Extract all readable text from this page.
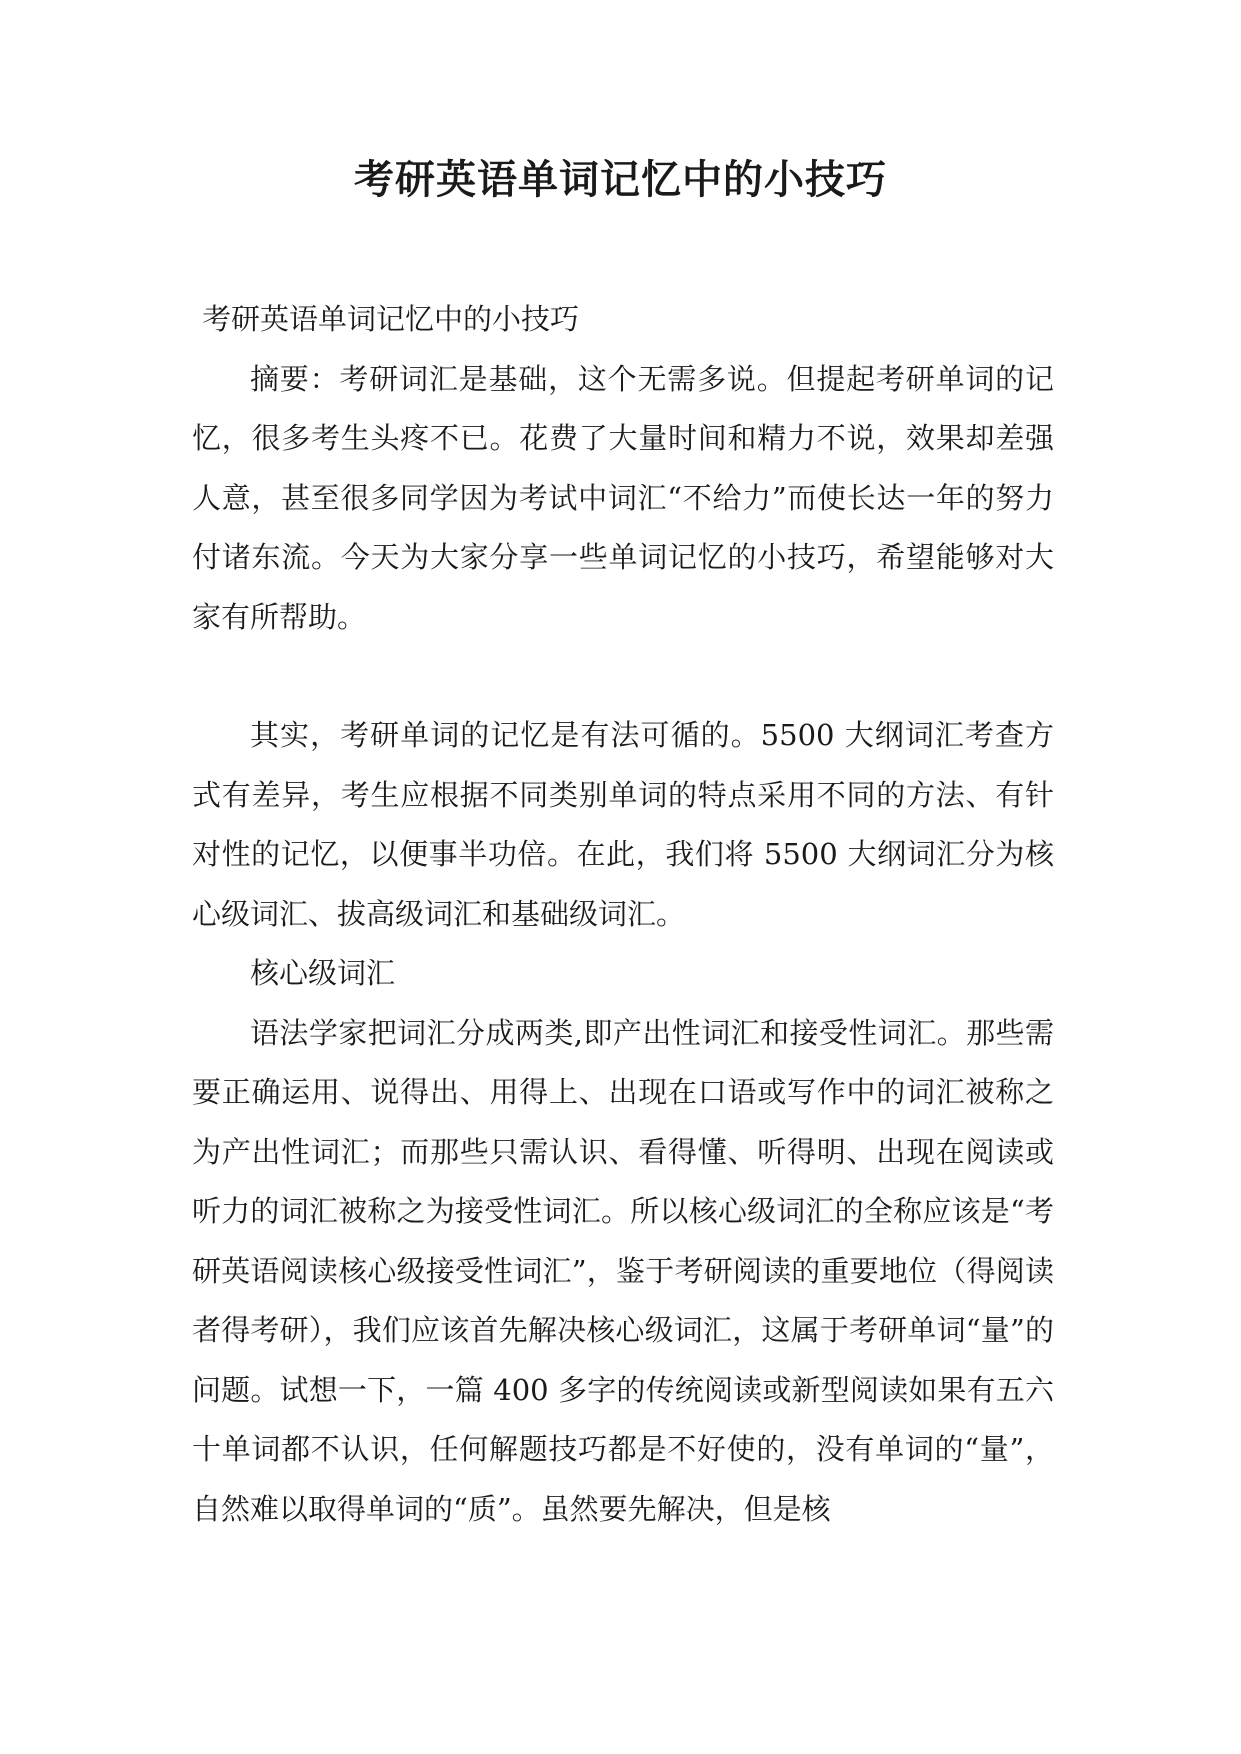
考研英语单词记忆中的小技巧

考研英语单词记忆中的小技巧

摘要：考研词汇是基础，这个无需多说。但提起考研单词的记忆，很多考生头疼不已。花费了大量时间和精力不说，效果却差强人意，甚至很多同学因为考试中词汇“不给力”而使长达一年的努力付诸东流。今天为大家分享一些单词记忆的小技巧，希望能够对大家有所帮助。

其实，考研单词的记忆是有法可循的。5500 大纲词汇考查方式有差异，考生应根据不同类别单词的特点采用不同的方法、有针对性的记忆，以便事半功倍。在此，我们将 5500 大纲词汇分为核心级词汇、拔高级词汇和基础级词汇。

核心级词汇

语法学家把词汇分成两类,即产出性词汇和接受性词汇。那些需要正确运用、说得出、用得上、出现在口语或写作中的词汇被称之为产出性词汇；而那些只需认识、看得懂、听得明、出现在阅读或听力的词汇被称之为接受性词汇。所以核心级词汇的全称应该是“考研英语阅读核心级接受性词汇”，鉴于考研阅读的重要地位（得阅读者得考研），我们应该首先解决核心级词汇，这属于考研单词“量”的问题。试想一下，一篇 400 多字的传统阅读或新型阅读如果有五六十单词都不认识，任何解题技巧都是不好使的，没有单词的“量”，自然难以取得单词的“质”。虽然要先解决，但是核
